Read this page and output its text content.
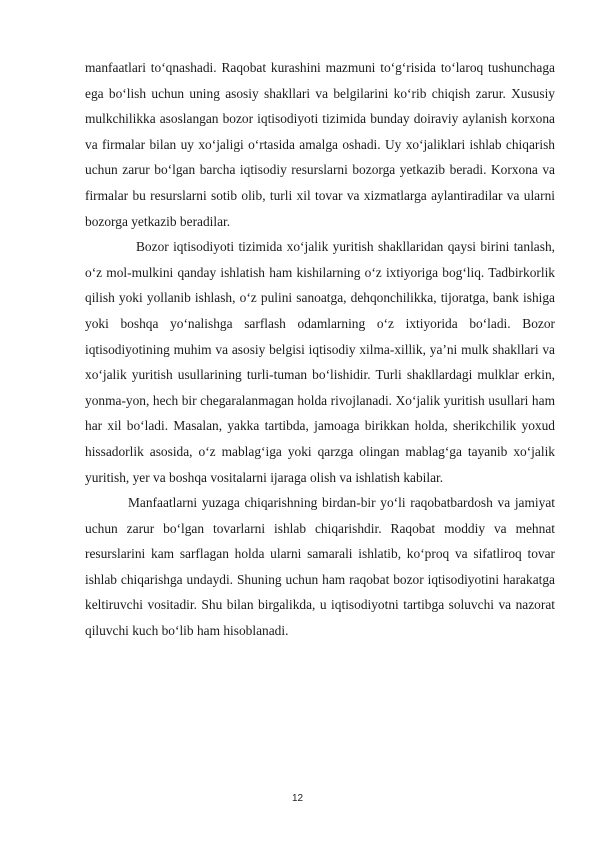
manfaatlari to‘qnashadi. Raqobat kurashini mazmuni to‘g‘risida to‘laroq tushunchaga ega bo‘lish uchun uning asosiy shakllari va belgilarini ko‘rib chiqish zarur. Xususiy mulkchilikka asoslangan bozor iqtisodiyoti tizimida bunday doiraviy aylanish korxona va firmalar bilan uy xo‘jaligi o‘rtasida amalga oshadi. Uy xo‘jaliklari ishlab chiqarish uchun zarur bo‘lgan barcha iqtisodiy resurslarni bozorga yetkazib beradi. Korxona va firmalar bu resurslarni sotib olib, turli xil tovar va xizmatlarga aylantiradilar va ularni bozorga yetkazib beradilar.

Bozor iqtisodiyoti tizimida xo‘jalik yuritish shakllaridan qaysi birini tanlash, o‘z mol-mulkini qanday ishlatish ham kishilarning o‘z ixtiyoriga bog‘liq. Tadbirkorlik qilish yoki yollanib ishlash, o‘z pulini sanoatga, dehqonchilikka, tijoratga, bank ishiga yoki boshqa yo‘nalishga sarflash odamlarning o‘z ixtiyorida bo‘ladi. Bozor iqtisodiyotining muhim va asosiy belgisi iqtisodiy xilma-xillik, ya’ni mulk shakllari va xo‘jalik yuritish usullarining turli-tuman bo‘lishidir. Turli shakllardagi mulklar erkin, yonma-yon, hech bir chegaralanmagan holda rivojlanadi. Xo‘jalik yuritish usullari ham har xil bo‘ladi. Masalan, yakka tartibda, jamoaga birikkan holda, sherikchilik yoxud hissadorlik asosida, o‘z mablag‘iga yoki qarzga olingan mablag‘ga tayanib xo‘jalik yuritish, yer va boshqa vositalarni ijaraga olish va ishlatish kabilar.

Manfaatlarni yuzaga chiqarishning birdan-bir yo‘li raqobatbardosh va jamiyat uchun zarur bo‘lgan tovarlarni ishlab chiqarishdir. Raqobat moddiy va mehnat resurslarini kam sarflagan holda ularni samarali ishlatib, ko‘proq va sifatliroq tovar ishlab chiqarishga undaydi. Shuning uchun ham raqobat bozor iqtisodiyotini harakatga keltiruvchi vositadir. Shu bilan birgalikda, u iqtisodiyotni tartibga soluvchi va nazorat qiluvchi kuch bo‘lib ham hisoblanadi.

12
